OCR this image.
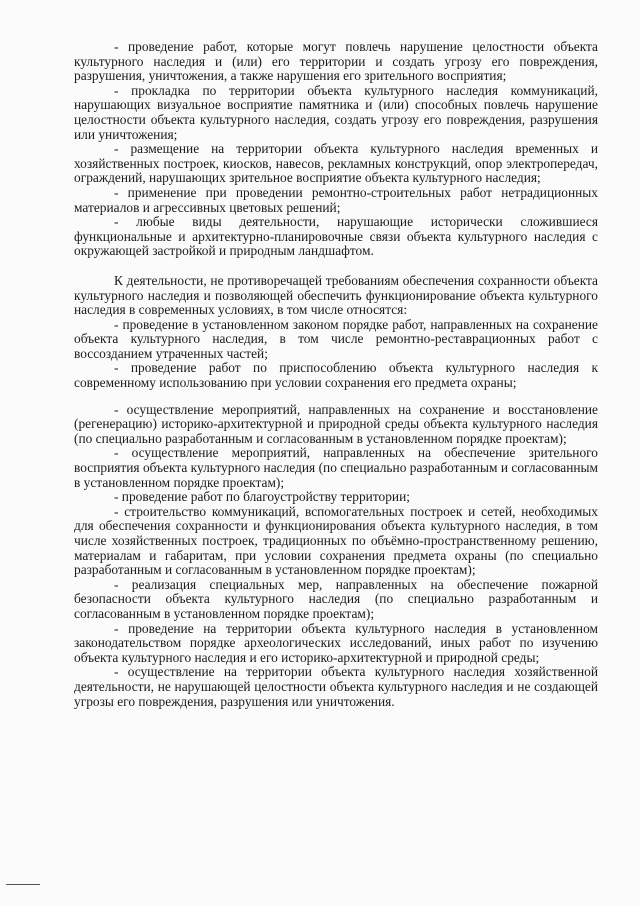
- проведение работ, которые могут повлечь нарушение целостности объекта культурного наследия и (или) его территории и создать угрозу его повреждения, разрушения, уничтожения, а также нарушения его зрительного восприятия;

- прокладка по территории объекта культурного наследия коммуникаций, нарушающих визуальное восприятие памятника и (или) способных повлечь нарушение целостности объекта культурного наследия, создать угрозу его повреждения, разрушения или уничтожения;

- размещение на территории объекта культурного наследия временных и хозяйственных построек, киосков, навесов, рекламных конструкций, опор электропередач, ограждений, нарушающих зрительное восприятие объекта культурного наследия;

- применение при проведении ремонтно-строительных работ нетрадиционных материалов и агрессивных цветовых решений;

- любые виды деятельности, нарушающие исторически сложившиеся функциональные и архитектурно-планировочные связи объекта культурного наследия с окружающей застройкой и природным ландшафтом.

К деятельности, не противоречащей требованиям обеспечения сохранности объекта культурного наследия и позволяющей обеспечить функционирование объекта культурного наследия в современных условиях, в том числе относятся:

- проведение в установленном законом порядке работ, направленных на сохранение объекта культурного наследия, в том числе ремонтно-реставрационных работ с воссозданием утраченных частей;

- проведение работ по приспособлению объекта культурного наследия к современному использованию при условии сохранения его предмета охраны;

- осуществление мероприятий, направленных на сохранение и восстановление (регенерацию) историко-архитектурной и природной среды объекта культурного наследия (по специально разработанным и согласованным в установленном порядке проектам);

- осуществление мероприятий, направленных на обеспечение зрительного восприятия объекта культурного наследия (по специально разработанным и согласованным в установленном порядке проектам);

- проведение работ по благоустройству территории;

- строительство коммуникаций, вспомогательных построек и сетей, необходимых для обеспечения сохранности и функционирования объекта культурного наследия, в том числе хозяйственных построек, традиционных по объёмно-пространственному решению, материалам и габаритам, при условии сохранения предмета охраны (по специально разработанным и согласованным в установленном порядке проектам);

- реализация специальных мер, направленных на обеспечение пожарной безопасности объекта культурного наследия (по специально разработанным и согласованным в установленном порядке проектам);

- проведение на территории объекта культурного наследия в установленном законодательством порядке археологических исследований, иных работ по изучению объекта культурного наследия и его историко-архитектурной и природной среды;

- осуществление на территории объекта культурного наследия хозяйственной деятельности, не нарушающей целостности объекта культурного наследия и не создающей угрозы его повреждения, разрушения или уничтожения.
